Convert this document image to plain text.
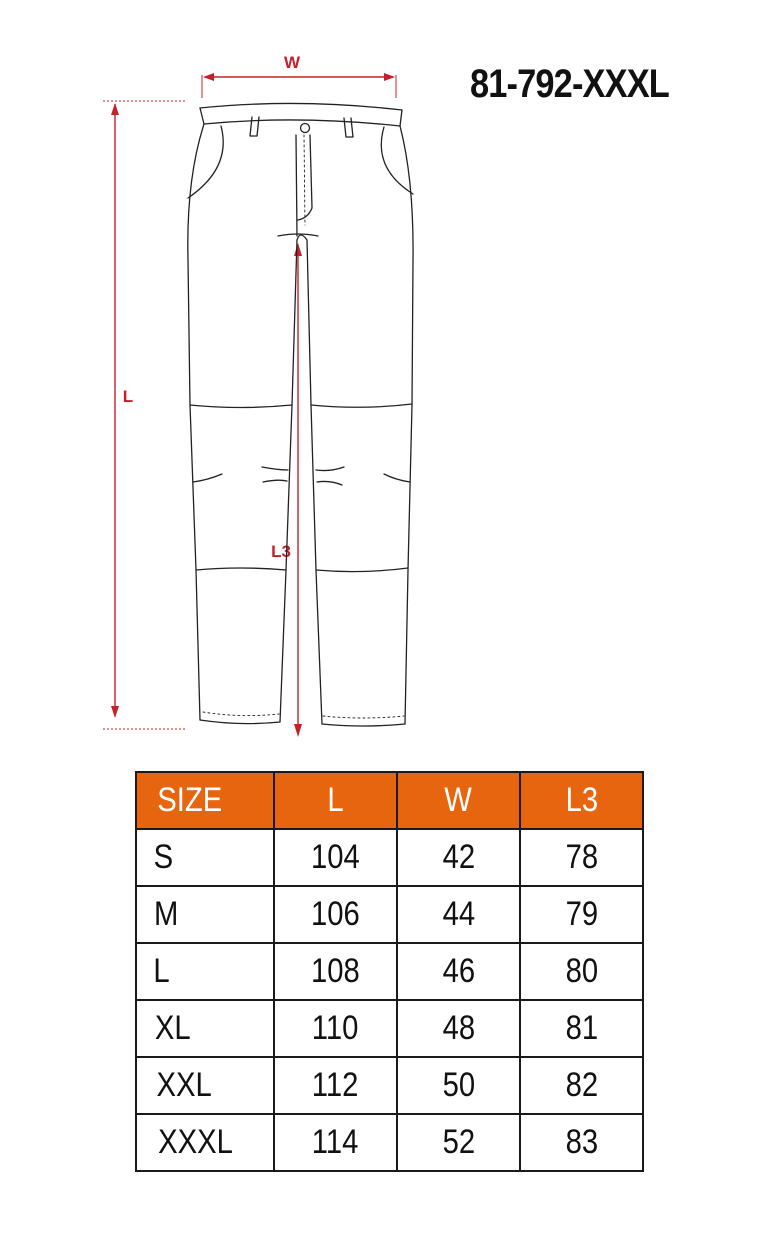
81-792-XXXL
W
L
L3
SIZE	L	W	L3
S	104	42	78
M	106	44	79
L	108	46	80
XL	110	48	81
XXL	112	50	82
XXXL	114	52	83
